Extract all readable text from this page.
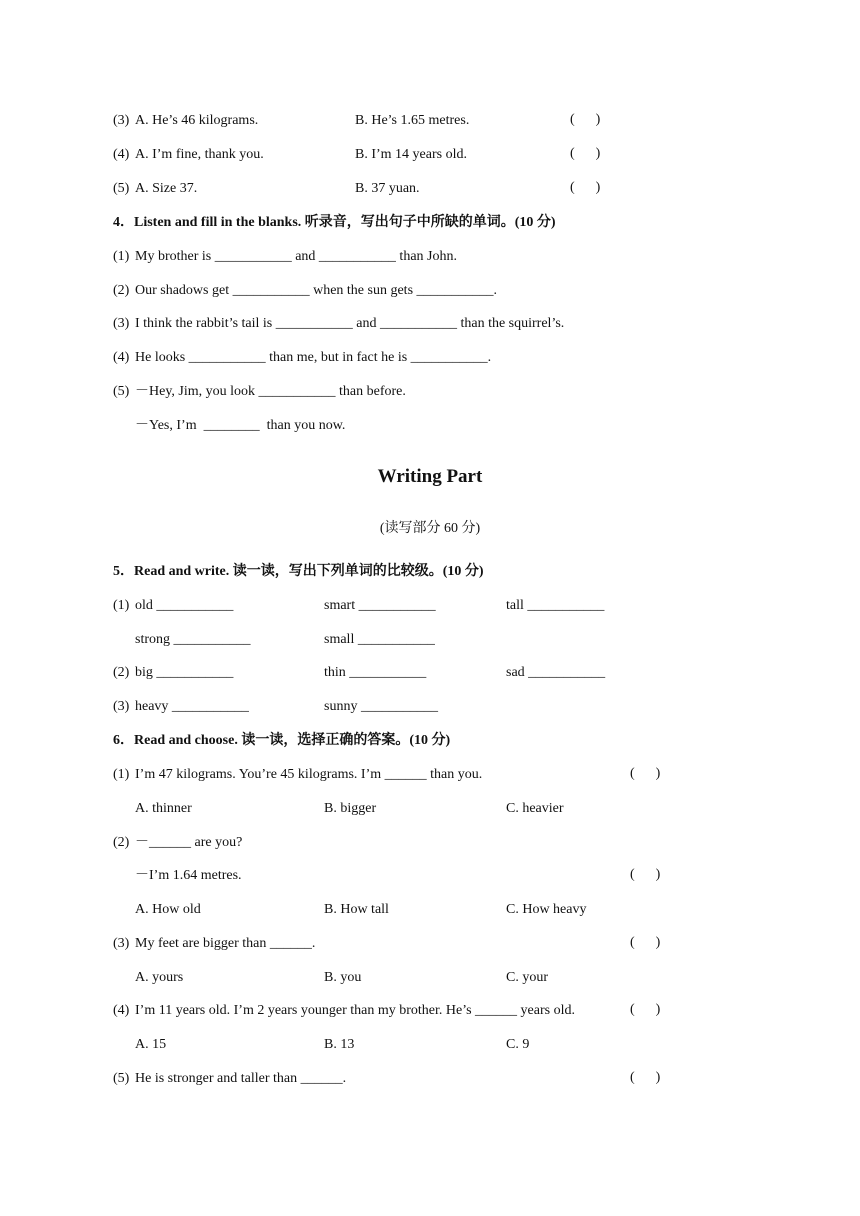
(3) A. He’s 46 kilograms.	B. He’s 1.65 metres.	(      )
(4) A. I’m fine, thank you.	B. I’m 14 years old.	(      )
(5) A. Size 37.	B. 37 yuan.	(      )
4．Listen and fill in the blanks. 听录音，写出句子中所缺的单词。(10 分)
(1) My brother is ___________ and ___________ than John.
(2) Our shadows get ___________ when the sun gets ___________.
(3) I think the rabbit’s tail is ___________ and ___________ than the squirrel’s.
(4) He looks ___________ than me, but in fact he is ___________.
(5) －Hey, Jim, you look ___________ than before.
－Yes, I’m  ________  than you now.
Writing Part
(读写部分 60 分)
5．Read and write. 读一读，写出下列单词的比较级。(10 分)
(1) old ___________	smart ___________	tall ___________
strong ___________	small ___________
(2) big ___________	thin ___________	sad ___________
(3) heavy ___________	sunny ___________
6．Read and choose. 读一读，选择正确的答案。(10 分)
(1) I’m 47 kilograms. You’re 45 kilograms. I’m ______ than you.	(      )
A. thinner	B. bigger	C. heavier
(2) －______ are you?
－I’m 1.64 metres.	(      )
A. How old	B. How tall	C. How heavy
(3) My feet are bigger than ______.	(      )
A. yours	B. you	C. your
(4) I’m 11 years old. I’m 2 years younger than my brother. He’s ______ years old.	(      )
A. 15	B. 13	C. 9
(5) He is stronger and taller than ______.	(      )
